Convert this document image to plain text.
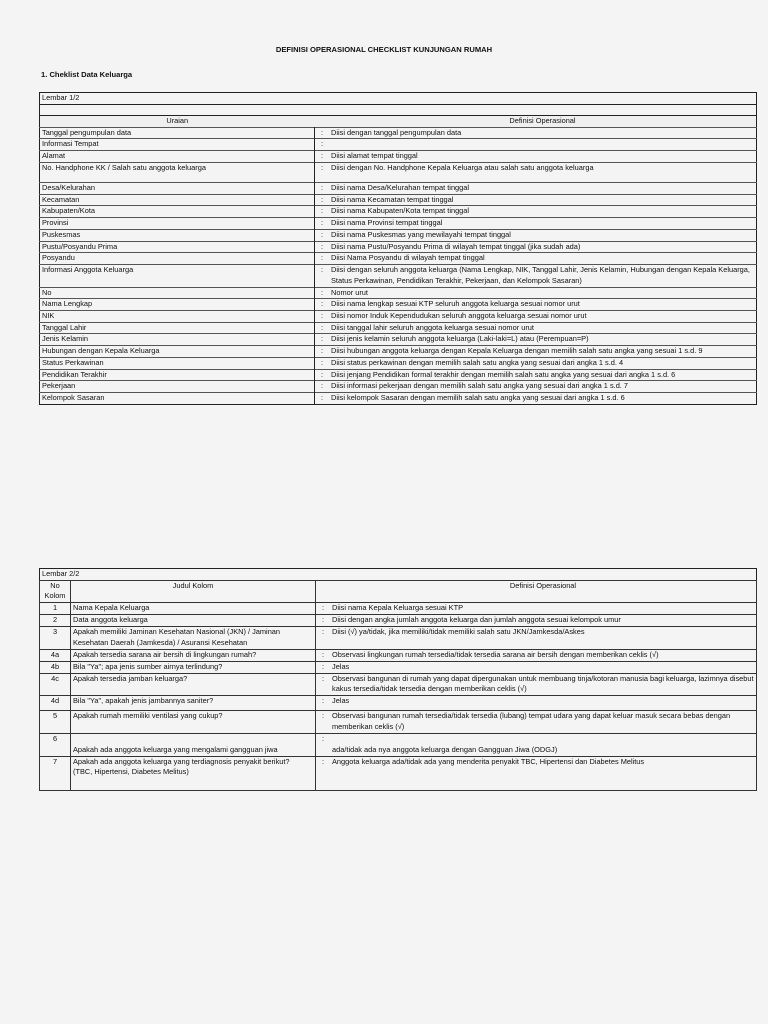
DEFINISI OPERASIONAL CHECKLIST KUNJUNGAN RUMAH
1. Cheklist Data Keluarga
Lembar 1/2		

Uraian		Definisi Operasional
Tanggal pengumpulan data	:	Diisi dengan tanggal pengumpulan data
Informasi Tempat	:	
Alamat	:	Diisi alamat tempat tinggal
No. Handphone KK / Salah satu anggota keluarga	:	Diisi dengan No. Handphone Kepala Keluarga atau salah satu anggota keluarga
Desa/Kelurahan	:	Diisi nama Desa/Kelurahan tempat tinggal
Kecamatan	:	Diisi nama Kecamatan tempat tinggal
Kabupaten/Kota	:	Diisi nama Kabupaten/Kota tempat tinggal
Provinsi	:	Diisi nama Provinsi tempat tinggal
Puskesmas	:	Diisi nama Puskesmas yang mewilayahi tempat tinggal
Pustu/Posyandu Prima	:	Diisi nama Pustu/Posyandu Prima di wilayah tempat tinggal (jika sudah ada)
Posyandu	:	Diisi Nama Posyandu di wilayah tempat tinggal
Informasi Anggota Keluarga	:	Diisi dengan seluruh anggota keluarga (Nama Lengkap, NIK, Tanggal Lahir, Jenis Kelamin, Hubungan dengan Kepala Keluarga, Status Perkawinan, Pendidikan Terakhir, Pekerjaan, dan Kelompok Sasaran)
No	:	Nomor urut
Nama Lengkap	:	Diisi nama lengkap sesuai KTP seluruh anggota keluarga sesuai nomor urut
NIK	:	Diisi nomor Induk Kependudukan seluruh anggota keluarga sesuai nomor urut
Tanggal Lahir	:	Diisi tanggal lahir seluruh anggota keluarga sesuai nomor urut
Jenis Kelamin	:	Diisi jenis kelamin seluruh anggota keluarga (Laki-laki=L) atau (Perempuan=P)
Hubungan dengan Kepala Keluarga	:	Diisi hubungan anggota keluarga dengan Kepala Keluarga dengan memilih salah satu angka yang sesuai 1 s.d. 9
Status Perkawinan	:	Diisi status perkawinan dengan memilih salah satu angka yang sesuai dari angka 1 s.d. 4
Pendidikan Terakhir	:	Diisi jenjang Pendidikan formal terakhir dengan memilih salah satu angka yang sesuai dari angka 1 s.d. 6
Pekerjaan	:	Diisi informasi pekerjaan dengan memilih salah satu angka yang sesuai dari angka 1 s.d. 7
Kelompok Sasaran	:	Diisi kelompok Sasaran dengan memilih salah satu angka yang sesuai dari angka 1 s.d. 6
Lembar 2/2			
No Kolom	Judul Kolom		Definisi Operasional
1	Nama Kepala Keluarga	:	Diisi nama Kepala Keluarga sesuai KTP
2	Data anggota keluarga	:	Diisi dengan angka jumlah anggota keluarga dan jumlah anggota sesuai kelompok umur
3	Apakah memiliki Jaminan Kesehatan Nasional (JKN) / Jaminan Kesehatan Daerah (Jamkesda) / Asuransi Kesehatan	:	Diisi (√) ya/tidak, jika memiliki/tidak memiliki salah satu JKN/Jamkesda/Askes
4a	Apakah tersedia sarana air bersih di lingkungan rumah?	:	Observasi lingkungan rumah tersedia/tidak tersedia sarana air bersih dengan memberikan ceklis (√)
4b	Bila "Ya"; apa jenis sumber airnya terlindung?	:	Jelas
4c	Apakah tersedia jamban keluarga?	:	Observasi bangunan di rumah yang dapat dipergunakan untuk membuang tinja/kotoran manusia bagi keluarga, lazimnya disebut kakus tersedia/tidak tersedia dengan memberikan ceklis (√)
4d	Bila "Ya", apakah jenis jambannya saniter?	:	Jelas
5	Apakah rumah memiliki ventilasi yang cukup?	:	Observasi bangunan rumah tersedia/tidak tersedia (lubang) tempat udara yang dapat keluar masuk secara bebas dengan memberikan ceklis (√)
6	Apakah ada anggota keluarga yang mengalami gangguan jiwa	:	ada/tidak ada nya anggota keluarga dengan Gangguan Jiwa (ODGJ)
7	Apakah ada anggota keluarga yang terdiagnosis penyakit berikut?
(TBC, Hipertensi, Diabetes Melitus)	:	Anggota keluarga ada/tidak ada yang menderita penyakit TBC, Hipertensi dan Diabetes Melitus
